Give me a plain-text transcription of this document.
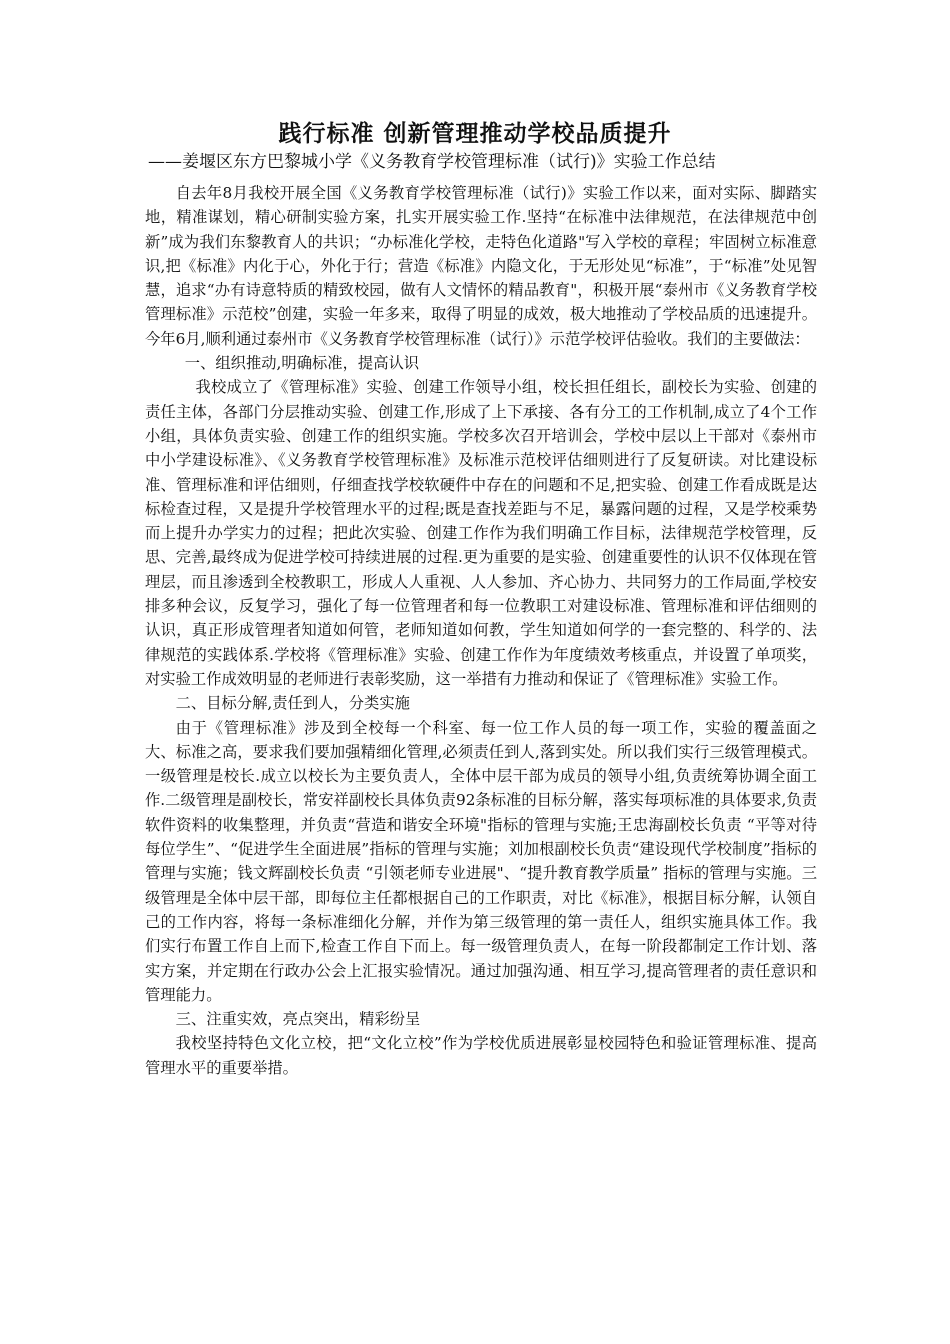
践行标准 创新管理推动学校品质提升
——姜堰区东方巴黎城小学《义务教育学校管理标准（试行)》实验工作总结

自去年8月我校开展全国《义务教育学校管理标准（试行)》实验工作以来，面对实际、脚踏实地，精准谋划，精心研制实验方案，扎实开展实验工作.坚持“在标准中法律规范，在法律规范中创新”成为我们东黎教育人的共识；“办标准化学校，走特色化道路"写入学校的章程；牢固树立标准意识,把《标准》内化于心，外化于行；营造《标准》内隐文化，于无形处见“标准”，于“标准”处见智慧，追求“办有诗意特质的精致校园，做有人文情怀的精品教育"，积极开展“泰州市《义务教育学校管理标准》示范校”创建，实验一年多来，取得了明显的成效，极大地推动了学校品质的迅速提升。今年6月,顺利通过泰州市《义务教育学校管理标准（试行）》示范学校评估验收。我们的主要做法：

一、组织推动,明确标准，提高认识

我校成立了《管理标准》实验、创建工作领导小组，校长担任组长，副校长为实验、创建的责任主体，各部门分层推动实验、创建工作,形成了上下承接、各有分工的工作机制,成立了4个工作小组，具体负责实验、创建工作的组织实施。学校多次召开培训会，学校中层以上干部对《泰州市中小学建设标准》、《义务教育学校管理标准》及标准示范校评估细则进行了反复研读。对比建设标准、管理标准和评估细则，仔细查找学校软硬件中存在的问题和不足,把实验、创建工作看成既是达标检查过程，又是提升学校管理水平的过程;既是查找差距与不足，暴露问题的过程，又是学校乘势而上提升办学实力的过程；把此次实验、创建工作作为我们明确工作目标，法律规范学校管理，反思、完善,最终成为促进学校可持续进展的过程.更为重要的是实验、创建重要性的认识不仅体现在管理层，而且渗透到全校教职工，形成人人重视、人人参加、齐心协力、共同努力的工作局面,学校安排多种会议，反复学习，强化了每一位管理者和每一位教职工对建设标准、管理标准和评估细则的认识，真正形成管理者知道如何管，老师知道如何教，学生知道如何学的一套完整的、科学的、法律规范的实践体系.学校将《管理标准》实验、创建工作作为年度绩效考核重点，并设置了单项奖，对实验工作成效明显的老师进行表彰奖励，这一举措有力推动和保证了《管理标准》实验工作。

二、目标分解,责任到人，分类实施

由于《管理标准》涉及到全校每一个科室、每一位工作人员的每一项工作，实验的覆盖面之大、标准之高，要求我们要加强精细化管理,必须责任到人,落到实处。所以我们实行三级管理模式。一级管理是校长.成立以校长为主要负责人，全体中层干部为成员的领导小组,负责统筹协调全面工作.二级管理是副校长，常安祥副校长具体负责92条标准的目标分解，落实每项标准的具体要求,负责软件资料的收集整理，并负责“营造和谐安全环境"指标的管理与实施;王忠海副校长负责 “平等对待每位学生”、“促进学生全面进展”指标的管理与实施；刘加根副校长负责“建设现代学校制度”指标的管理与实施；钱文辉副校长负责 “引领老师专业进展"、“提升教育教学质量” 指标的管理与实施。三级管理是全体中层干部，即每位主任都根据自己的工作职责，对比《标准》，根据目标分解，认领自己的工作内容，将每一条标准细化分解，并作为第三级管理的第一责任人，组织实施具体工作。我们实行布置工作自上而下,检查工作自下而上。每一级管理负责人，在每一阶段都制定工作计划、落实方案，并定期在行政办公会上汇报实验情况。通过加强沟通、相互学习,提高管理者的责任意识和管理能力。

三、注重实效，亮点突出，精彩纷呈

我校坚持特色文化立校，把“文化立校”作为学校优质进展彰显校园特色和验证管理标准、提高管理水平的重要举措。
